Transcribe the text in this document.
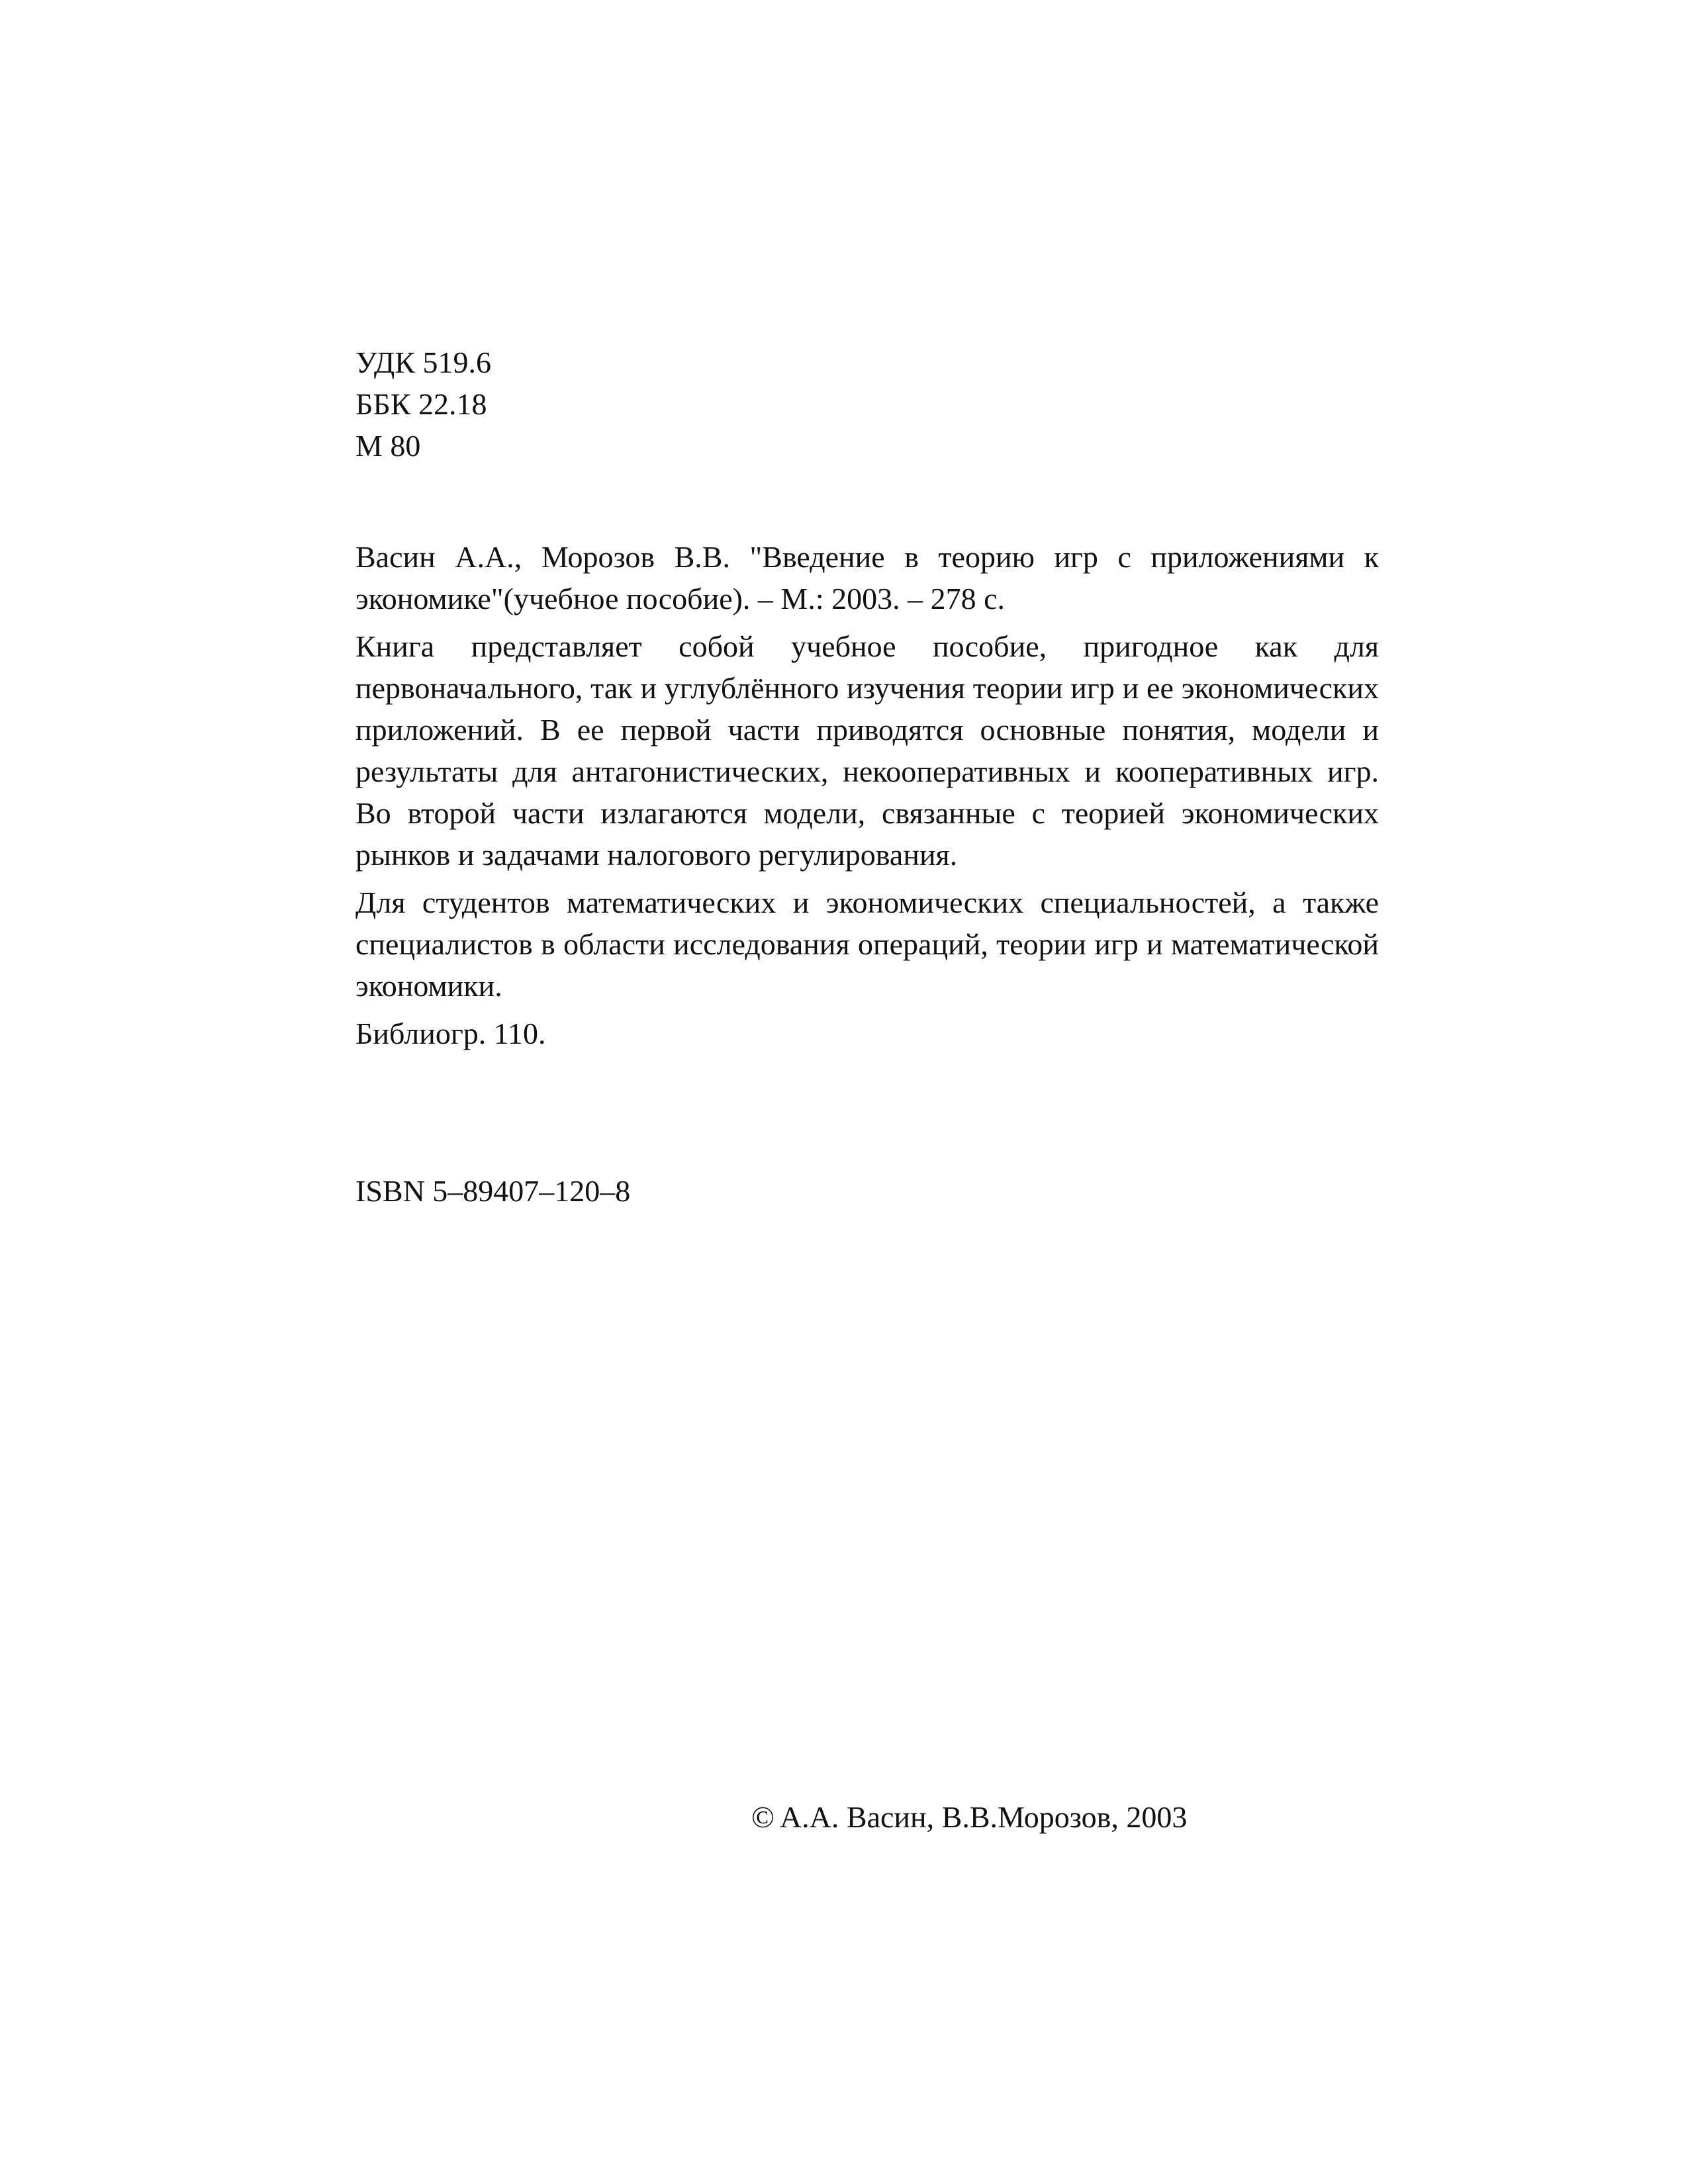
УДК 519.6
ББК 22.18
М 80

Васин А.А., Морозов В.В. "Введение в теорию игр с приложениями к экономике"(учебное пособие). – М.: 2003. – 278 с.

Книга представляет собой учебное пособие, пригодное как для первоначального, так и углублённого изучения теории игр и ее экономических приложений. В ее первой части приводятся основные понятия, модели и результаты для антагонистических, некооперативных и кооперативных игр. Во второй части излагаются модели, связанные с теорией экономических рынков и задачами налогового регулирования.

Для студентов математических и экономических специальностей, а также специалистов в области исследования операций, теории игр и математической экономики.

Библиогр. 110.

ISBN 5–89407–120–8
© А.А. Васин, В.В.Морозов, 2003
